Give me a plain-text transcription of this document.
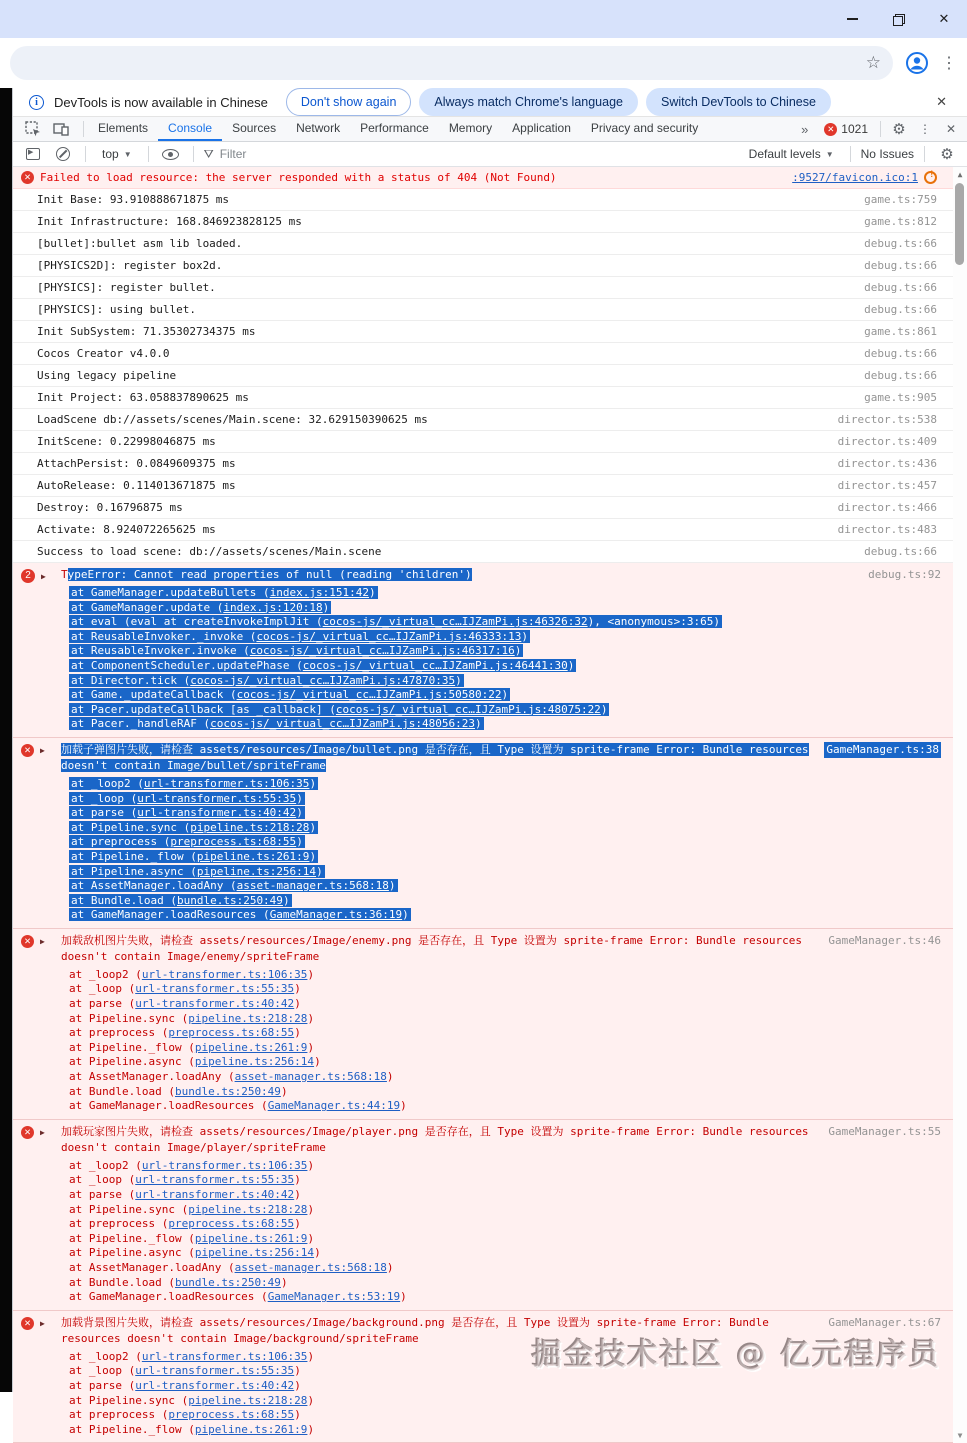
✕
☆	⋮
i	DevTools is now available in Chinese	Don't show again	Always match Chrome's language	Switch DevTools to Chinese	✕
Elements	Console	Sources	Network	Performance	Memory	Application	Privacy and security	»	✕ 1021	⚙	⋮	✕
▶
top ▼	⛛ Filter	Default levels ▼ No Issues	⚙
✕ Failed to load resource: the server responded with a status of 404 (Not Found)	:9527/favicon.ico:1
!
Init Base: 93.910888671875 ms	game.ts:759
Init Infrastructure: 168.846923828125 ms	game.ts:812
[bullet]:bullet asm lib loaded.	debug.ts:66
[PHYSICS2D]: register box2d.	debug.ts:66
[PHYSICS]: register bullet.	debug.ts:66
[PHYSICS]: using bullet.	debug.ts:66
Init SubSystem: 71.35302734375 ms	game.ts:861
Cocos Creator v4.0.0	debug.ts:66
Using legacy pipeline	debug.ts:66
Init Project: 63.058837890625 ms	game.ts:905
LoadScene db://assets/scenes/Main.scene: 32.629150390625 ms	director.ts:538
InitScene: 0.22998046875 ms	director.ts:409
AttachPersist: 0.0849609375 ms	director.ts:436
AutoRelease: 0.114013671875 ms	director.ts:457
Destroy: 0.16796875 ms	director.ts:466
Activate: 8.924072265625 ms	director.ts:483
Success to load scene: db://assets/scenes/Main.scene	debug.ts:66
2	▶ TypeError: Cannot read properties of null (reading 'children')	debug.ts:92
at GameManager.updateBullets (index.js:151:42)
at GameManager.update (index.js:120:18)
at eval (eval at createInvokeImplJit (cocos-js/_virtual_cc…IJZamPi.js:46326:32), <anonymous>:3:65)
at ReusableInvoker._invoke (cocos-js/_virtual_cc…IJZamPi.js:46333:13)
at ReusableInvoker.invoke (cocos-js/_virtual_cc…IJZamPi.js:46317:16)
at ComponentScheduler.updatePhase (cocos-js/_virtual_cc…IJZamPi.js:46441:30)
at Director.tick (cocos-js/_virtual_cc…IJZamPi.js:47870:35)
at Game._updateCallback (cocos-js/_virtual_cc…IJZamPi.js:50580:22)
at Pacer.updateCallback [as _callback] (cocos-js/_virtual_cc…IJZamPi.js:48075:22)
at Pacer._handleRAF (cocos-js/_virtual_cc…IJZamPi.js:48056:23)
✕	▶ 加载子弹图片失败，请检查 assets/resources/Image/bullet.png 是否存在，且 Type 设置为 sprite-frame Error: Bundle resources doesn't contain Image/bullet/spriteFrame
GameManager.ts:38
at _loop2 (url-transformer.ts:106:35)
at _loop (url-transformer.ts:55:35)
at parse (url-transformer.ts:40:42)
at Pipeline.sync (pipeline.ts:218:28)
at preprocess (preprocess.ts:68:55)
at Pipeline._flow (pipeline.ts:261:9)
at Pipeline.async (pipeline.ts:256:14)
at AssetManager.loadAny (asset-manager.ts:568:18)
at Bundle.load (bundle.ts:250:49)
at GameManager.loadResources (GameManager.ts:36:19)
✕	▶ 加载敌机图片失败，请检查 assets/resources/Image/enemy.png 是否存在，且 Type 设置为 sprite-frame Error: Bundle resources doesn't contain Image/enemy/spriteFrame
GameManager.ts:46
at _loop2 (url-transformer.ts:106:35)
at _loop (url-transformer.ts:55:35)
at parse (url-transformer.ts:40:42)
at Pipeline.sync (pipeline.ts:218:28)
at preprocess (preprocess.ts:68:55)
at Pipeline._flow (pipeline.ts:261:9)
at Pipeline.async (pipeline.ts:256:14)
at AssetManager.loadAny (asset-manager.ts:568:18)
at Bundle.load (bundle.ts:250:49)
at GameManager.loadResources (GameManager.ts:44:19)
✕	▶ 加载玩家图片失败，请检查 assets/resources/Image/player.png 是否存在，且 Type 设置为 sprite-frame Error: Bundle resources doesn't contain Image/player/spriteFrame
GameManager.ts:55
at _loop2 (url-transformer.ts:106:35)
at _loop (url-transformer.ts:55:35)
at parse (url-transformer.ts:40:42)
at Pipeline.sync (pipeline.ts:218:28)
at preprocess (preprocess.ts:68:55)
at Pipeline._flow (pipeline.ts:261:9)
at Pipeline.async (pipeline.ts:256:14)
at AssetManager.loadAny (asset-manager.ts:568:18)
at Bundle.load (bundle.ts:250:49)
at GameManager.loadResources (GameManager.ts:53:19)
✕	▶ 加载背景图片失败，请检查 assets/resources/Image/background.png 是否存在，且 Type 设置为 sprite-frame Error: Bundle resources doesn't contain Image/background/spriteFrame
GameManager.ts:67
at _loop2 (url-transformer.ts:106:35)
at _loop (url-transformer.ts:55:35)
at parse (url-transformer.ts:40:42)
at Pipeline.sync (pipeline.ts:218:28)
at preprocess (preprocess.ts:68:55)
at Pipeline._flow (pipeline.ts:261:9)
▲
▼
掘金技术社区 @ 亿元程序员
